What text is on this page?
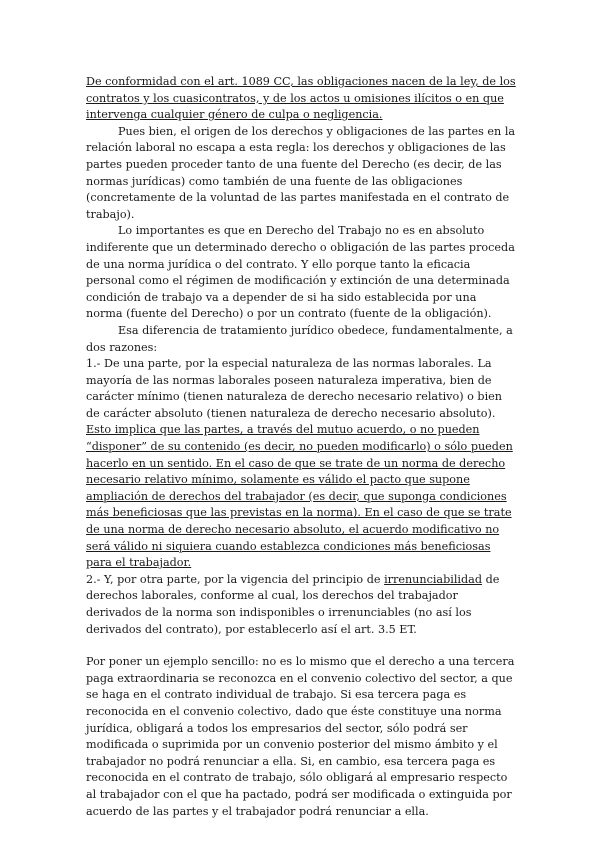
De conformidad con el art. 1089 CC, las obligaciones nacen de la ley, de los contratos y los cuasicontratos, y de los actos u omisiones ilícitos o en que intervenga cualquier género de culpa o negligencia.

Pues bien, el origen de los derechos y obligaciones de las partes en la relación laboral no escapa a esta regla: los derechos y obligaciones de las partes pueden proceder tanto de una fuente del Derecho (es decir, de las normas jurídicas) como también de una fuente de las obligaciones (concretamente de la voluntad de las partes manifestada en el contrato de trabajo).

Lo importantes es que en Derecho del Trabajo no es en absoluto indiferente que un determinado derecho o obligación de las partes proceda de una norma jurídica o del contrato. Y ello porque tanto la eficacia personal como el régimen de modificación y extinción de una determinada condición de trabajo va a depender de si ha sido establecida por una norma (fuente del Derecho) o por un contrato (fuente de la obligación).

Esa diferencia de tratamiento jurídico obedece, fundamentalmente, a dos razones:

1.- De una parte, por la especial naturaleza de las normas laborales. La mayoría de las normas laborales poseen naturaleza imperativa, bien de carácter mínimo (tienen naturaleza de derecho necesario relativo) o bien de carácter absoluto (tienen naturaleza de derecho necesario absoluto). Esto implica que las partes, a través del mutuo acuerdo, o no pueden “disponer” de su contenido (es decir, no pueden modificarlo) o sólo pueden hacerlo en un sentido. En el caso de que se trate de un norma de derecho necesario relativo mínimo, solamente es válido el pacto que supone ampliación de derechos del trabajador (es decir, que suponga condiciones más beneficiosas que las previstas en la norma). En el caso de que se trate de una norma de derecho necesario absoluto, el acuerdo modificativo no será válido ni siquiera cuando establezca condiciones más beneficiosas para el trabajador.

2.- Y, por otra parte, por la vigencia del principio de irrenunciabilidad de derechos laborales, conforme al cual, los derechos del trabajador derivados de la norma son indisponibles o irrenunciables (no así los derivados del contrato), por establecerlo así el art. 3.5 ET.

Por poner un ejemplo sencillo: no es lo mismo que el derecho a una tercera paga extraordinaria se reconozca en el convenio colectivo del sector, a que se haga en el contrato individual de trabajo. Si esa tercera paga es reconocida en el convenio colectivo, dado que éste constituye una norma jurídica, obligará a todos los empresarios del sector, sólo podrá ser modificada o suprimida por un convenio posterior del mismo ámbito y el trabajador no podrá renunciar a ella. Si, en cambio, esa tercera paga es reconocida en el contrato de trabajo, sólo obligará al empresario respecto al trabajador con el que ha pactado, podrá ser modificada o extinguida por acuerdo de las partes y el trabajador podrá renunciar a ella.
